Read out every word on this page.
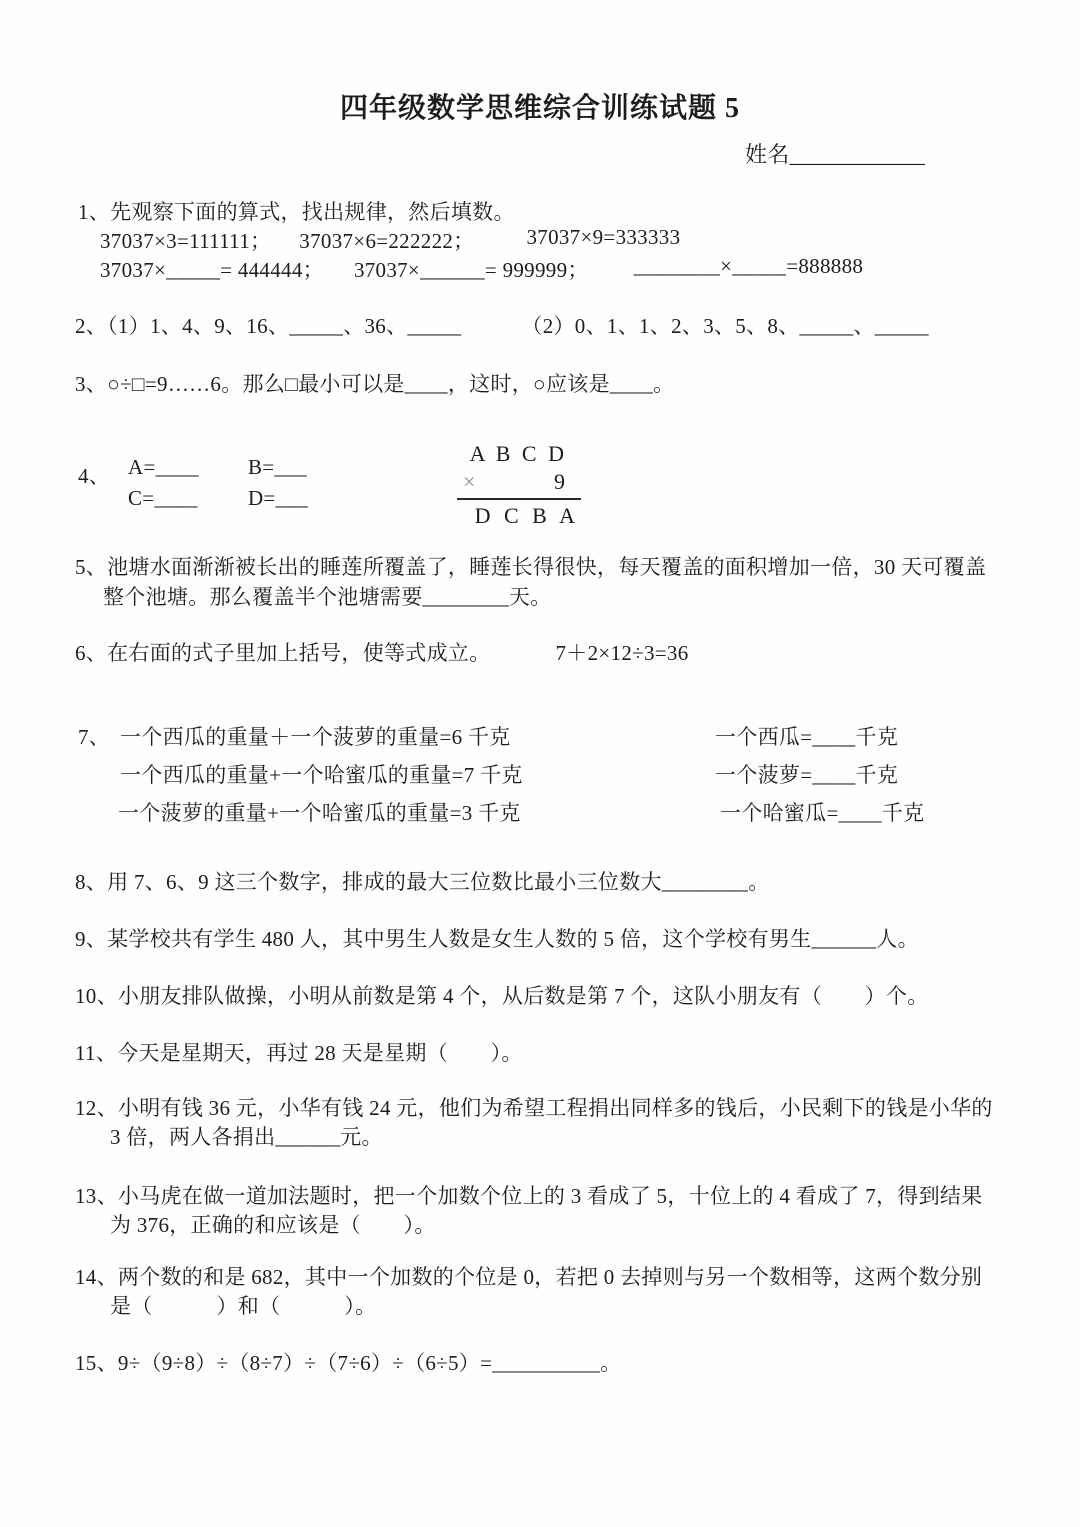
四年级数学思维综合训练试题 5
姓名____________
1、先观察下面的算式，找出规律，然后填数。
37037×3=111111； 37037×6=222222； 37037×9=333333
37037×_____= 444444； 37037×______= 999999； ________×_____=888888
2、（1）1、4、9、16、_____、36、_____	（2）0、1、1、2、3、5、8、_____、_____
3、○÷□=9……6。那么□最小可以是____，这时，○应该是____。
4、 A=____ B=___
C=____ D=___
A B C D
×	9
D C B A
5、池塘水面渐渐被长出的睡莲所覆盖了，睡莲长得很快，每天覆盖的面积增加一倍，30 天可覆盖
整个池塘。那么覆盖半个池塘需要________天。
6、在右面的式子里加上括号，使等式成立。	7＋2×12÷3=36
7、 一个西瓜的重量＋一个菠萝的重量=6 千克	一个西瓜=____千克
一个西瓜的重量+一个哈蜜瓜的重量=7 千克	一个菠萝=____千克
一个菠萝的重量+一个哈蜜瓜的重量=3 千克	一个哈蜜瓜=____千克
8、用 7、6、9 这三个数字，排成的最大三位数比最小三位数大________。
9、某学校共有学生 480 人，其中男生人数是女生人数的 5 倍，这个学校有男生______人。
10、小朋友排队做操，小明从前数是第 4 个，从后数是第 7 个，这队小朋友有（　　）个。
11、今天是星期天，再过 28 天是星期（　　）。
12、小明有钱 36 元，小华有钱 24 元，他们为希望工程捐出同样多的钱后，小民剩下的钱是小华的
3 倍，两人各捐出______元。
13、小马虎在做一道加法题时，把一个加数个位上的 3 看成了 5，十位上的 4 看成了 7，得到结果
为 376，正确的和应该是（　　）。
14、两个数的和是 682，其中一个加数的个位是 0，若把 0 去掉则与另一个数相等，这两个数分别
是（　　　）和（　　　）。
15、9÷（9÷8）÷（8÷7）÷（7÷6）÷（6÷5）=__________。
